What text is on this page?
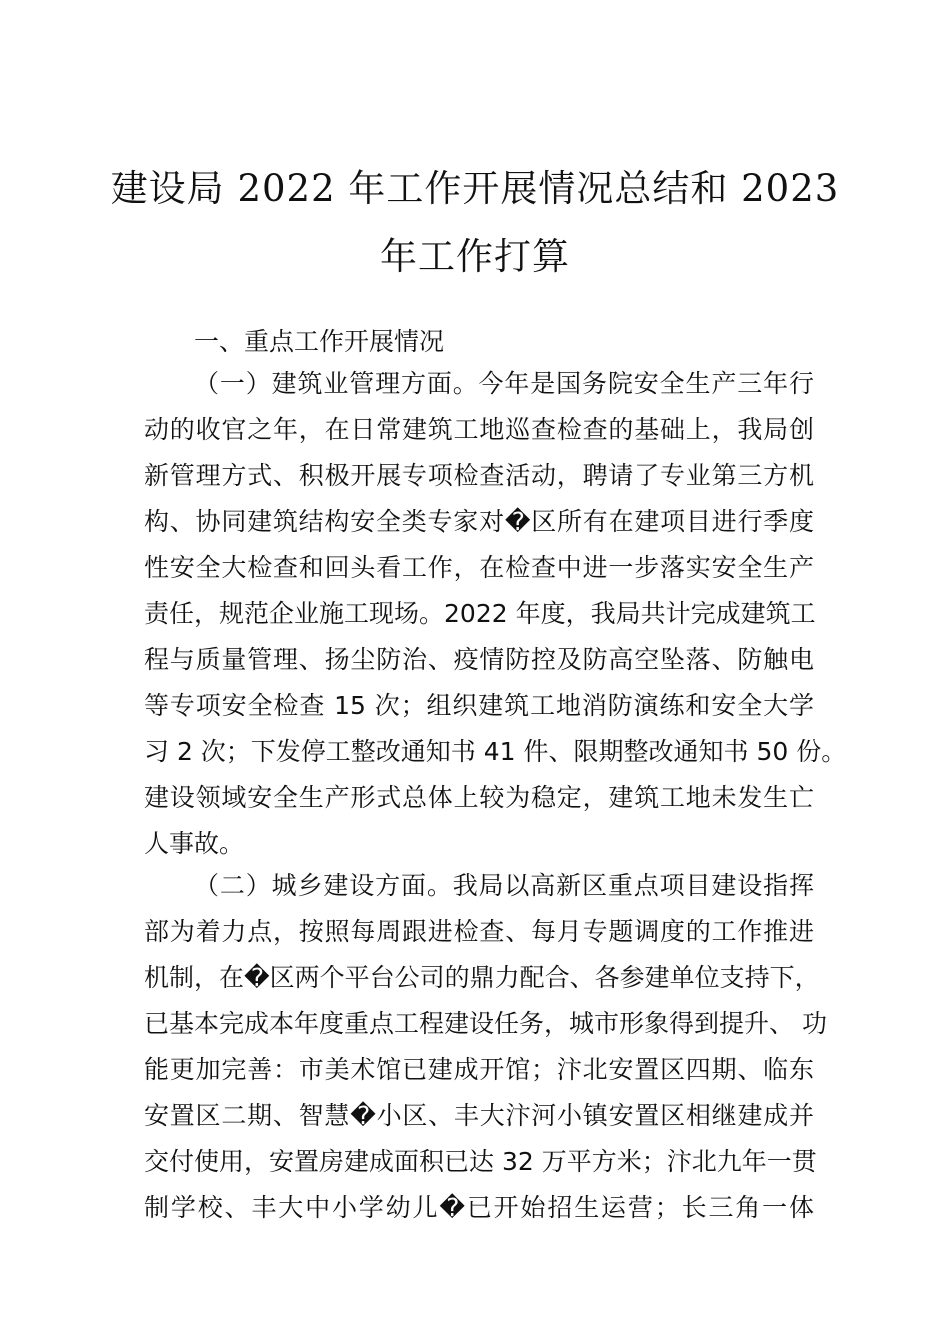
建设局 2022 年工作开展情况总结和 2023
年工作打算
一、重点工作开展情况
（一）建筑业管理方面。今年是国务院安全生产三年行
动的收官之年，在日常建筑工地巡查检查的基础上，我局创
新管理方式、积极开展专项检查活动，聘请了专业第三方机
构、协同建筑结构安全类专家对�区所有在建项目进行季度
性安全大检查和回头看工作，在检查中进一步落实安全生产
责任，规范企业施工现场。2022 年度，我局共计完成建筑工
程与质量管理、扬尘防治、疫情防控及防高空坠落、防触电
等专项安全检查 15 次；组织建筑工地消防演练和安全大学
习 2 次；下发停工整改通知书 41 件、限期整改通知书 50 份。
建设领域安全生产形式总体上较为稳定，建筑工地未发生亡
人事故。
（二）城乡建设方面。我局以高新区重点项目建设指挥
部为着力点，按照每周跟进检查、每月专题调度的工作推进
机制，在�区两个平台公司的鼎力配合、各参建单位支持下，
已基本完成本年度重点工程建设任务，城市形象得到提升、 功
能更加完善：市美术馆已建成开馆；汴北安置区四期、临东
安置区二期、智慧�小区、丰大汴河小镇安置区相继建成并
交付使用，安置房建成面积已达 32 万平方米；汴北九年一贯
制学校、丰大中小学幼儿�已开始招生运营；长三角一体
